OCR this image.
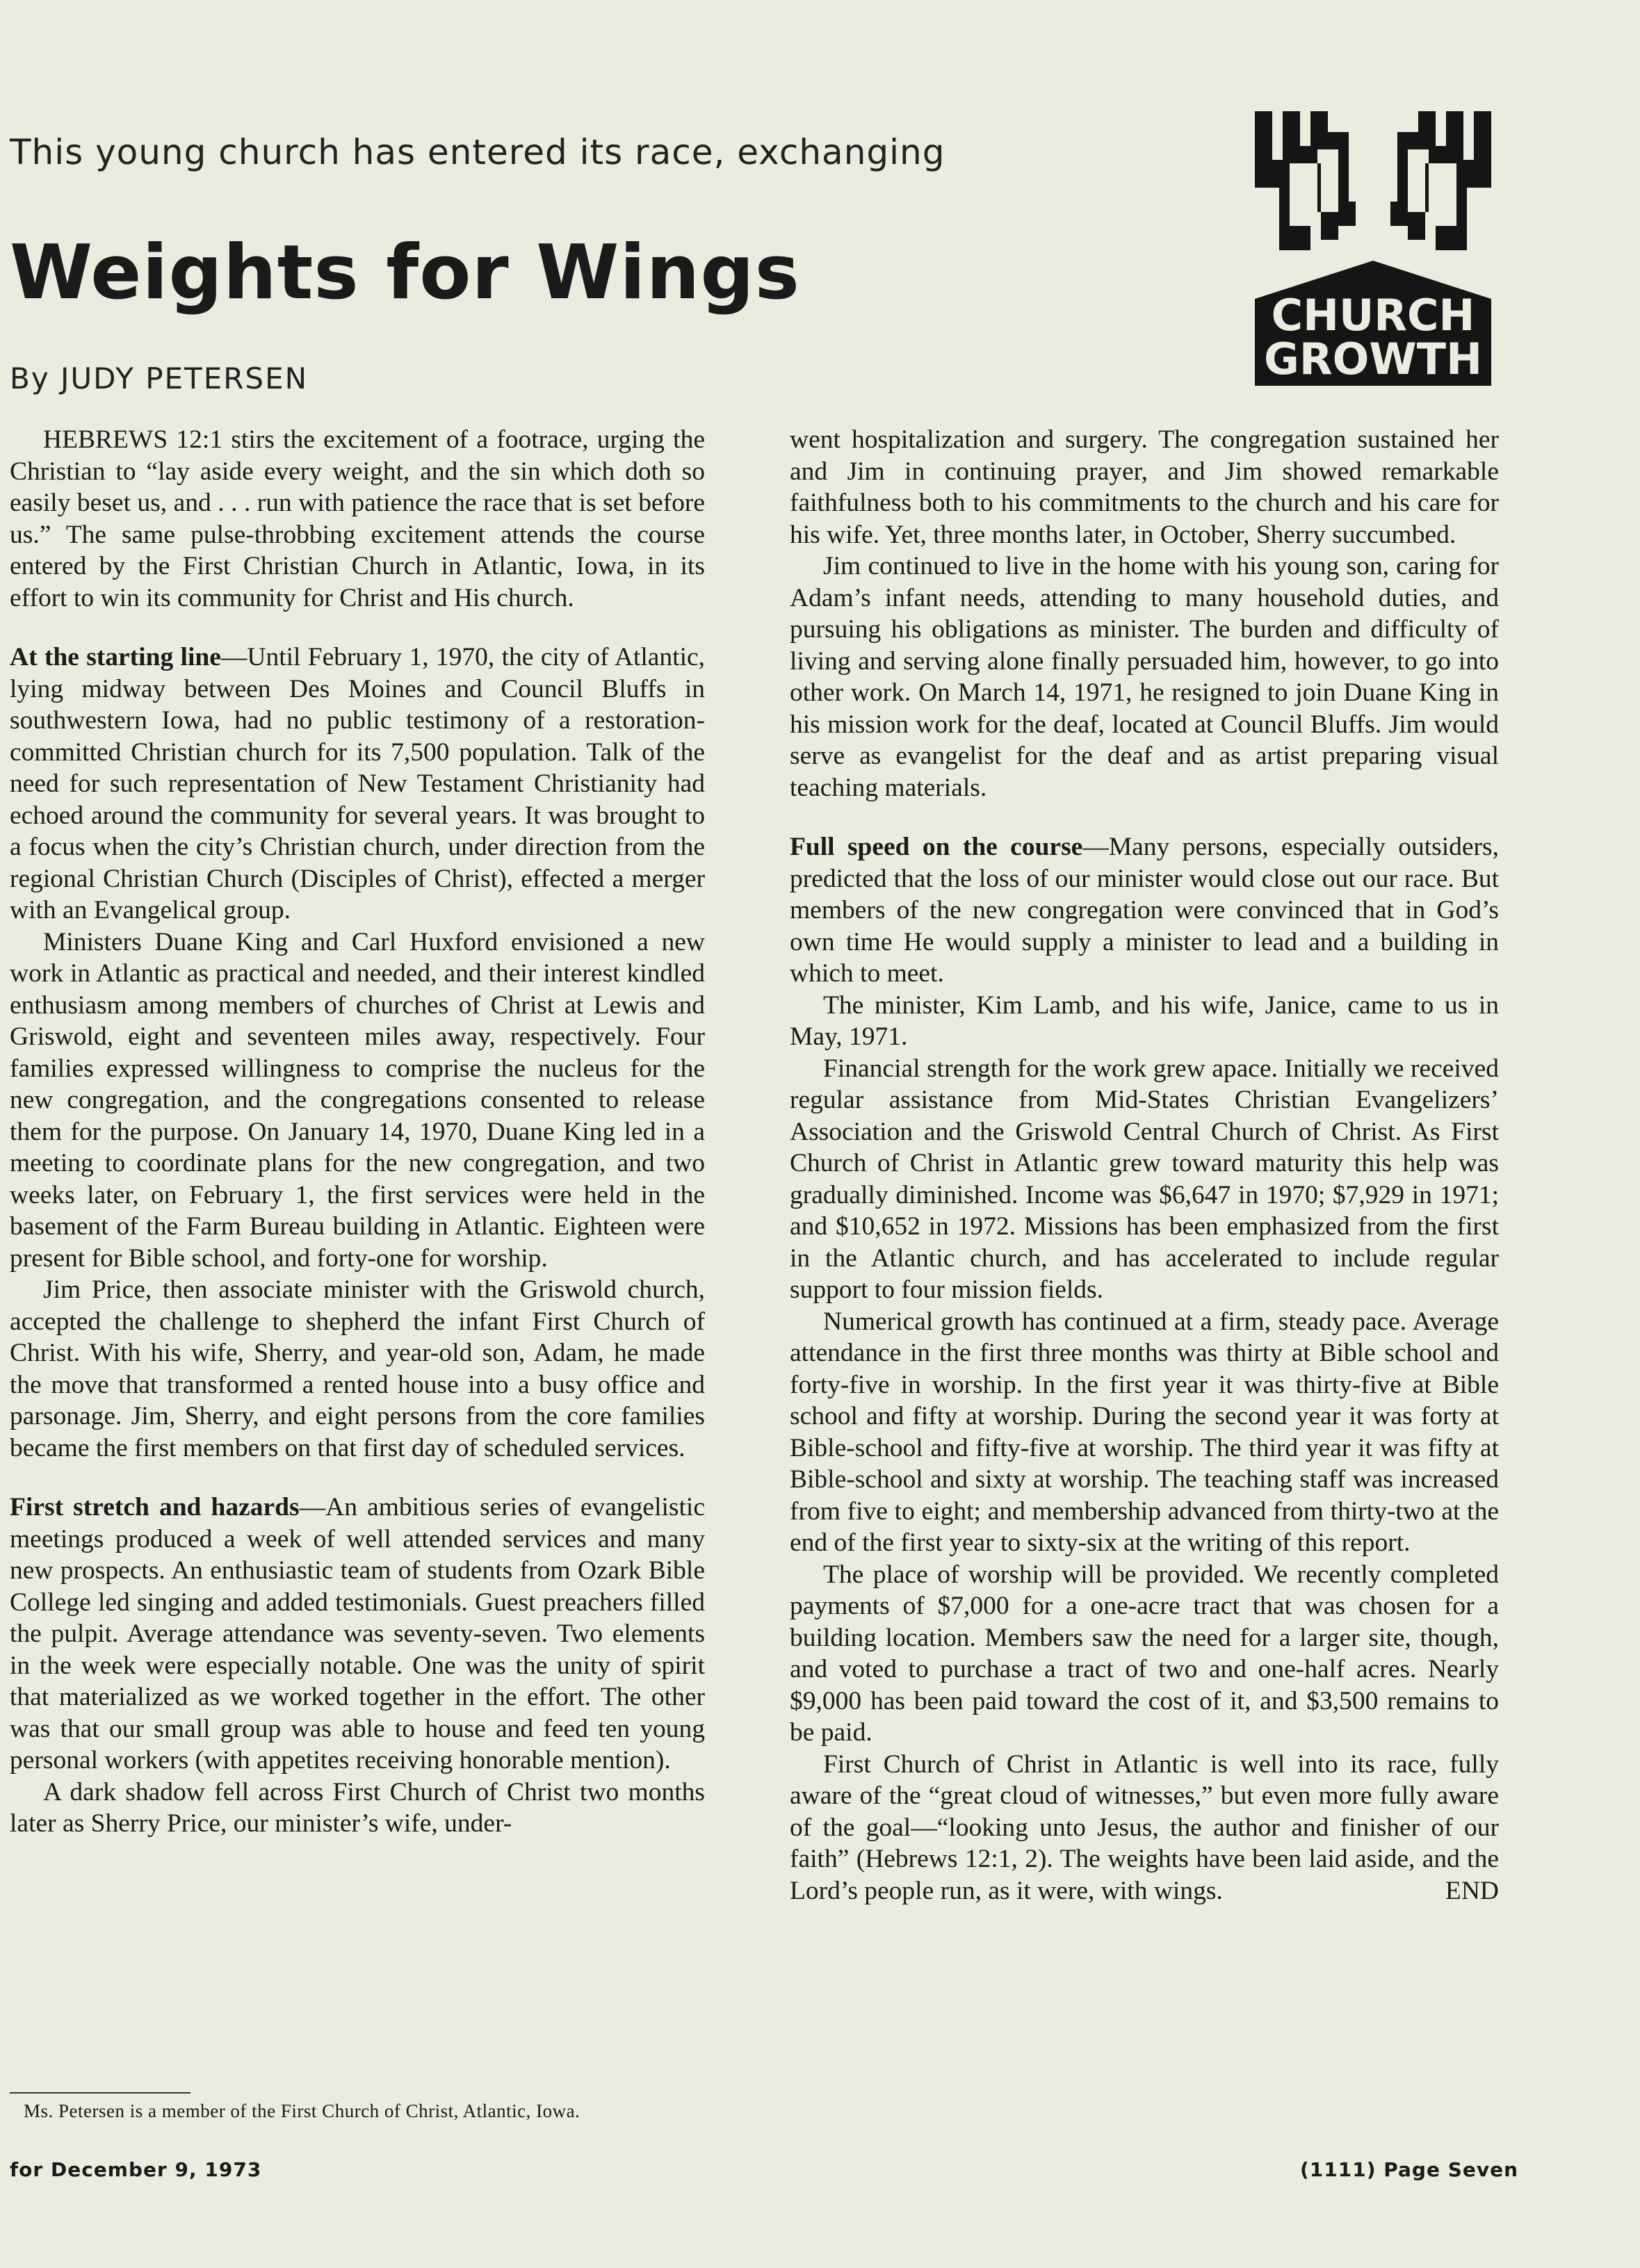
This young church has entered its race, exchanging
Weights for Wings
By JUDY PETERSEN
CHURCH
GROWTH

HEBREWS 12:1 stirs the excitement of a footrace, urging the Christian to “lay aside every weight, and the sin which doth so easily beset us, and . . . run with patience the race that is set before us.” The same pulse-throbbing excitement attends the course entered by the First Christian Church in Atlantic, Iowa, in its effort to win its community for Christ and His church.

At the starting line—Until February 1, 1970, the city of Atlantic, lying midway between Des Moines and Council Bluffs in southwestern Iowa, had no public testimony of a restoration-committed Christian church for its 7,500 population. Talk of the need for such representation of New Testament Christianity had echoed around the community for several years. It was brought to a focus when the city’s Christian church, under direction from the regional Christian Church (Disciples of Christ), effected a merger with an Evangelical group.

Ministers Duane King and Carl Huxford envisioned a new work in Atlantic as practical and needed, and their interest kindled enthusiasm among members of churches of Christ at Lewis and Griswold, eight and seventeen miles away, respectively. Four families expressed willingness to comprise the nucleus for the new congregation, and the congregations consented to release them for the purpose. On January 14, 1970, Duane King led in a meeting to coordinate plans for the new congregation, and two weeks later, on February 1, the first services were held in the basement of the Farm Bureau building in Atlantic. Eighteen were present for Bible school, and forty-one for worship.

Jim Price, then associate minister with the Griswold church, accepted the challenge to shepherd the infant First Church of Christ. With his wife, Sherry, and year-old son, Adam, he made the move that transformed a rented house into a busy office and parsonage. Jim, Sherry, and eight persons from the core families became the first members on that first day of scheduled services.

First stretch and hazards—An ambitious series of evangelistic meetings produced a week of well attended services and many new prospects. An enthusiastic team of students from Ozark Bible College led singing and added testimonials. Guest preachers filled the pulpit. Average attendance was seventy-seven. Two elements in the week were especially notable. One was the unity of spirit that materialized as we worked together in the effort. The other was that our small group was able to house and feed ten young personal workers (with appetites receiving honorable mention).

A dark shadow fell across First Church of Christ two months later as Sherry Price, our minister’s wife, under-

went hospitalization and surgery. The congregation sustained her and Jim in continuing prayer, and Jim showed remarkable faithfulness both to his commitments to the church and his care for his wife. Yet, three months later, in October, Sherry succumbed.

Jim continued to live in the home with his young son, caring for Adam’s infant needs, attending to many household duties, and pursuing his obligations as minister. The burden and difficulty of living and serving alone finally persuaded him, however, to go into other work. On March 14, 1971, he resigned to join Duane King in his mission work for the deaf, located at Council Bluffs. Jim would serve as evangelist for the deaf and as artist preparing visual teaching materials.

Full speed on the course—Many persons, especially outsiders, predicted that the loss of our minister would close out our race. But members of the new congregation were convinced that in God’s own time He would supply a minister to lead and a building in which to meet.

The minister, Kim Lamb, and his wife, Janice, came to us in May, 1971.

Financial strength for the work grew apace. Initially we received regular assistance from Mid-States Christian Evangelizers’ Association and the Griswold Central Church of Christ. As First Church of Christ in Atlantic grew toward maturity this help was gradually diminished. Income was $6,647 in 1970; $7,929 in 1971; and $10,652 in 1972. Missions has been emphasized from the first in the Atlantic church, and has accelerated to include regular support to four mission fields.

Numerical growth has continued at a firm, steady pace. Average attendance in the first three months was thirty at Bible school and forty-five in worship. In the first year it was thirty-five at Bible school and fifty at worship. During the second year it was forty at Bible-school and fifty-five at worship. The third year it was fifty at Bible-school and sixty at worship. The teaching staff was increased from five to eight; and membership advanced from thirty-two at the end of the first year to sixty-six at the writing of this report.

The place of worship will be provided. We recently completed payments of $7,000 for a one-acre tract that was chosen for a building location. Members saw the need for a larger site, though, and voted to purchase a tract of two and one-half acres. Nearly $9,000 has been paid toward the cost of it, and $3,500 remains to be paid.

First Church of Christ in Atlantic is well into its race, fully aware of the “great cloud of witnesses,” but even more fully aware of the goal—“looking unto Jesus, the author and finisher of our faith” (Hebrews 12:1, 2). The weights have been laid aside, and the Lord’s people run, as it were, with wings.	END

Ms. Petersen is a member of the First Church of Christ, Atlantic, Iowa.
for December 9, 1973	(1111) Page Seven
